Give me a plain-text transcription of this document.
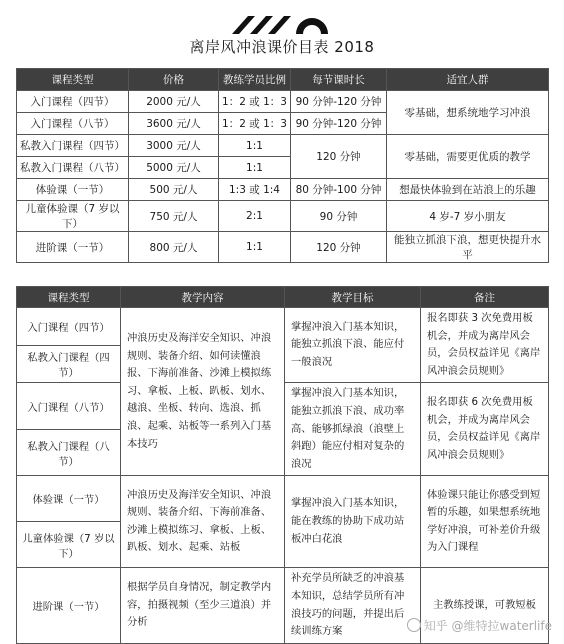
离岸风冲浪课价目表 2018
课程类型	价格	教练学员比例	每节课时长	适宜人群
入门课程（四节）	2000 元/人	1：2 或 1：3	90 分钟-120 分钟	零基础，想系统地学习冲浪
入门课程（八节）	3600 元/人	1：2 或 1：3	90 分钟-120 分钟	
私教入门课程（四节）	3000 元/人	1:1	120 分钟	零基础，需要更优质的教学
私教入门课程（八节）	5000 元/人	1:1		
体验课（一节）	500 元/人	1:3 或 1:4	80 分钟-100 分钟	想最快体验到在站浪上的乐趣
儿童体验课（7 岁以下）	750 元/人	2:1	90 分钟	4 岁-7 岁小朋友
进阶课（一节）	800 元/人	1:1	120 分钟	能独立抓浪下浪，想更快提升水平
课程类型	教学内容	教学目标	备注
入门课程（四节）	冲浪历史及海洋安全知识、冲浪规则、装备介绍、如何读懂浪报、下海前准备、沙滩上模拟练习、拿板、上板、趴板、划水、越浪、坐板、转向、选浪、抓浪、起乘、站板等一系列入门基本技巧	掌握冲浪入门基本知识，能独立抓浪下浪、能应付一般浪况	报名即获 3 次免费用板机会，并成为离岸风会员，会员权益详见《离岸风冲浪会员规则》
私教入门课程（四节）			
入门课程（八节）		掌握冲浪入门基本知识，能独立抓浪下浪、成功率高、能够抓绿浪（浪壁上斜跑）能应付相对复杂的浪况	报名即获 6 次免费用板机会，并成为离岸风会员，会员权益详见《离岸风冲浪会员规则》
私教入门课程（八节）			
体验课（一节）	冲浪历史及海洋安全知识、冲浪规则、装备介绍、下海前准备、沙滩上模拟练习、拿板、上板、趴板、划水、起乘、站板	掌握冲浪入门基本知识，能在教练的协助下成功站板冲白花浪	体验课只能让你感受到短暂的乐趣，如果想系统地学好冲浪，可补差价升级为入门课程
儿童体验课（7 岁以下）			
进阶课（一节）	根据学员自身情况，制定教学内容，拍摄视频（至少三道浪）并分析	补充学员所缺乏的冲浪基本知识，总结学员所有冲浪技巧的问题，并提出后续训练方案	主教练授课，可教短板
知乎 @维特拉waterlife
